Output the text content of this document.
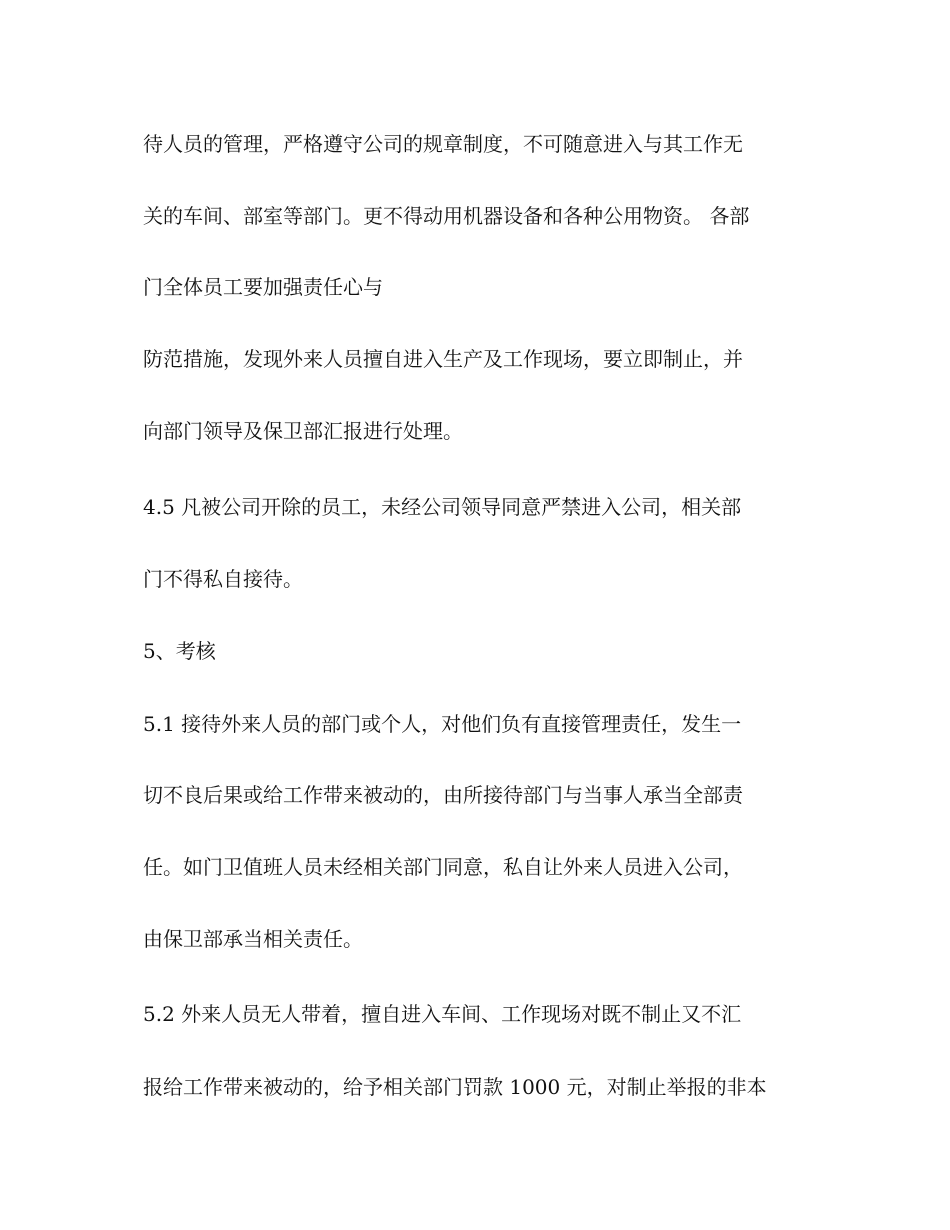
待人员的管理，严格遵守公司的规章制度，不可随意进入与其工作无
关的车间、部室等部门。更不得动用机器设备和各种公用物资。 各部
门全体员工要加强责任心与
防范措施，发现外来人员擅自进入生产及工作现场，要立即制止，并
向部门领导及保卫部汇报进行处理。
4.5 凡被公司开除的员工，未经公司领导同意严禁进入公司，相关部
门不得私自接待。
5、考核
5.1 接待外来人员的部门或个人，对他们负有直接管理责任，发生一
切不良后果或给工作带来被动的，由所接待部门与当事人承当全部责
任。如门卫值班人员未经相关部门同意，私自让外来人员进入公司，
由保卫部承当相关责任。
5.2 外来人员无人带着，擅自进入车间、工作现场对既不制止又不汇
报给工作带来被动的，给予相关部门罚款 1000 元，对制止举报的非本
